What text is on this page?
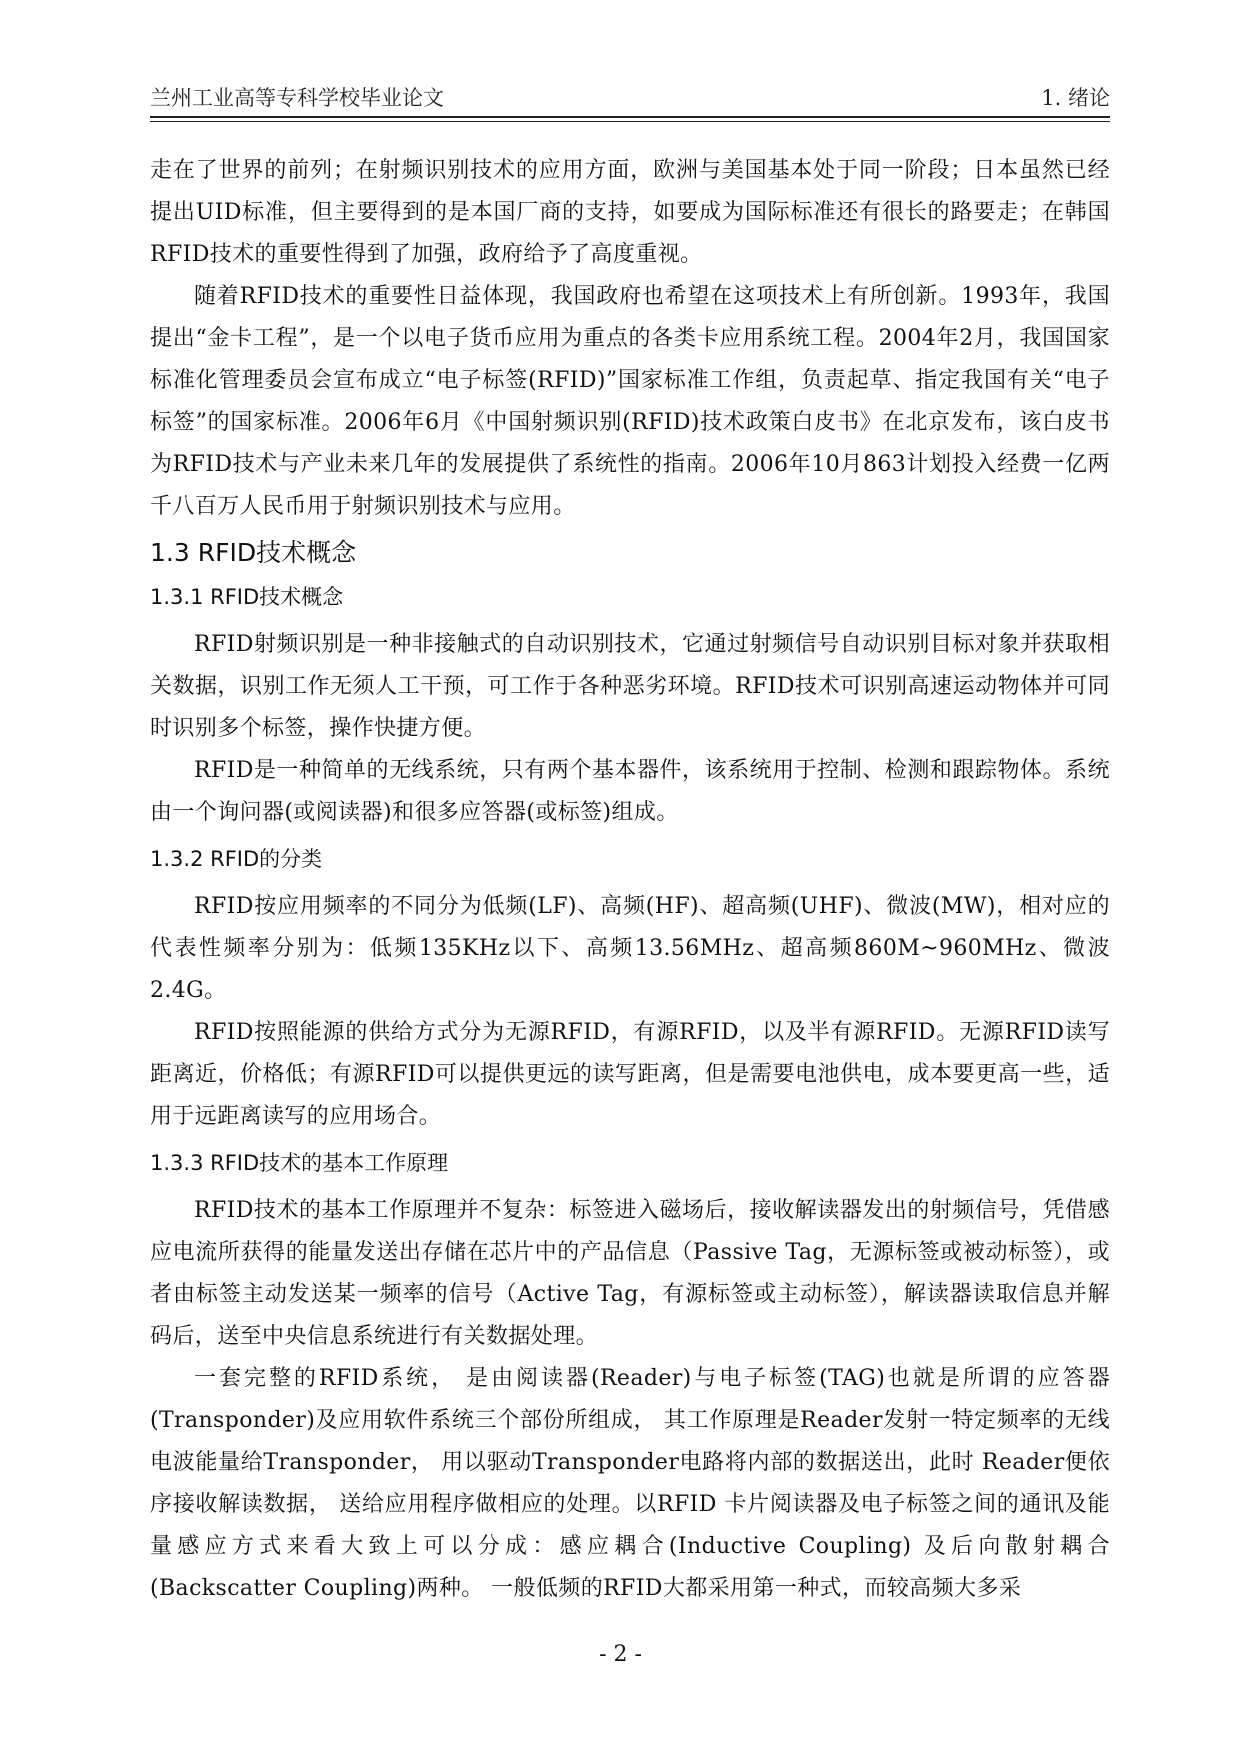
兰州工业高等专科学校毕业论文	1. 绪论

走在了世界的前列；在射频识别技术的应用方面，欧洲与美国基本处于同一阶段；日本虽然已经提出UID标准，但主要得到的是本国厂商的支持，如要成为国际标准还有很长的路要走；在韩国RFID技术的重要性得到了加强，政府给予了高度重视。

随着RFID技术的重要性日益体现，我国政府也希望在这项技术上有所创新。1993年，我国提出“金卡工程”，是一个以电子货币应用为重点的各类卡应用系统工程。2004年2月，我国国家标准化管理委员会宣布成立“电子标签(RFID)”国家标准工作组，负责起草、指定我国有关“电子标签”的国家标准。2006年6月《中国射频识别(RFID)技术政策白皮书》在北京发布，该白皮书为RFID技术与产业未来几年的发展提供了系统性的指南。2006年10月863计划投入经费一亿两千八百万人民币用于射频识别技术与应用。

1.3 RFID技术概念
1.3.1 RFID技术概念

RFID射频识别是一种非接触式的自动识别技术，它通过射频信号自动识别目标对象并获取相关数据，识别工作无须人工干预，可工作于各种恶劣环境。RFID技术可识别高速运动物体并可同时识别多个标签，操作快捷方便。

RFID是一种简单的无线系统，只有两个基本器件，该系统用于控制、检测和跟踪物体。系统由一个询问器(或阅读器)和很多应答器(或标签)组成。

1.3.2 RFID的分类

RFID按应用频率的不同分为低频(LF)、高频(HF)、超高频(UHF)、微波(MW)，相对应的代表性频率分别为：低频135KHz以下、高频13.56MHz、超高频860M~960MHz、微波2.4G。

RFID按照能源的供给方式分为无源RFID，有源RFID，以及半有源RFID。无源RFID读写距离近，价格低；有源RFID可以提供更远的读写距离，但是需要电池供电，成本要更高一些，适用于远距离读写的应用场合。

1.3.3 RFID技术的基本工作原理

RFID技术的基本工作原理并不复杂：标签进入磁场后，接收解读器发出的射频信号，凭借感应电流所获得的能量发送出存储在芯片中的产品信息（Passive Tag，无源标签或被动标签），或者由标签主动发送某一频率的信号（Active Tag，有源标签或主动标签），解读器读取信息并解码后，送至中央信息系统进行有关数据处理。

一套完整的RFID系统， 是由阅读器(Reader)与电子标签(TAG)也就是所谓的应答器(Transponder)及应用软件系统三个部份所组成， 其工作原理是Reader发射一特定频率的无线电波能量给Transponder， 用以驱动Transponder电路将内部的数据送出，此时 Reader便依序接收解读数据， 送给应用程序做相应的处理。以RFID 卡片阅读器及电子标签之间的通讯及能量感应方式来看大致上可以分成：感应耦合(Inductive Coupling) 及后向散射耦合(Backscatter Coupling)两种。 一般低频的RFID大都采用第一种式，而较高频大多采

- 2 -
